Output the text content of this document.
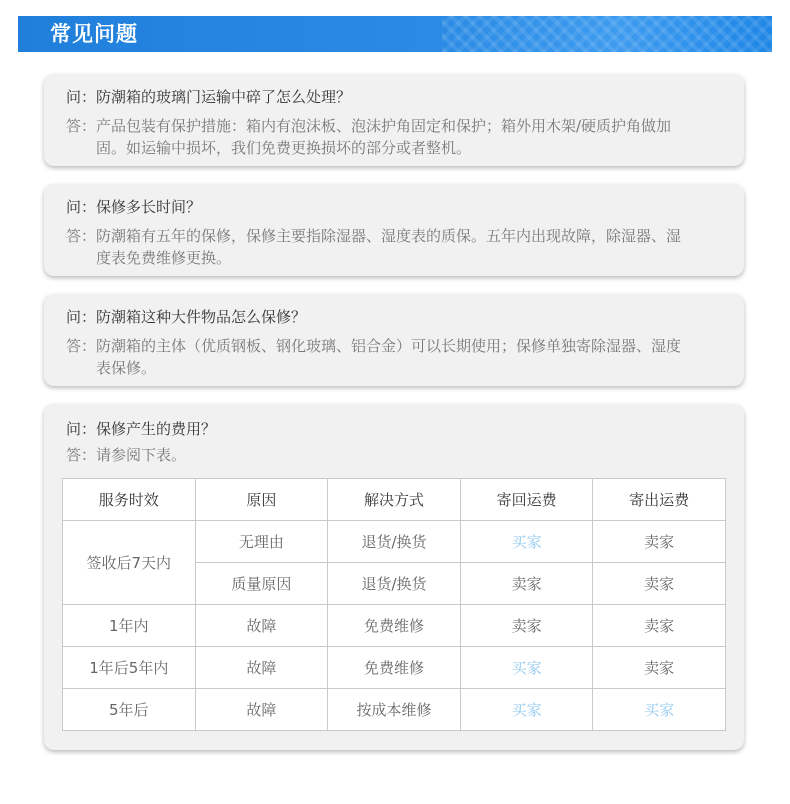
常见问题
问：防潮箱的玻璃门运输中碎了怎么处理？
答：产品包装有保护措施：箱内有泡沫板、泡沫护角固定和保护；箱外用木架/硬质护角做加
固。如运输中损坏，我们免费更换损坏的部分或者整机。
问：保修多长时间？
答：防潮箱有五年的保修，保修主要指除湿器、湿度表的质保。五年内出现故障，除湿器、湿
度表免费维修更换。
问：防潮箱这种大件物品怎么保修？
答：防潮箱的主体（优质钢板、钢化玻璃、铝合金）可以长期使用；保修单独寄除湿器、湿度
表保修。
问：保修产生的费用？
答：请参阅下表。
服务时效	原因	解决方式	寄回运费	寄出运费
签收后7天内	无理由	退货/换货	买家	卖家
	质量原因	退货/换货	卖家	卖家
1年内	故障	免费维修	卖家	卖家
1年后5年内	故障	免费维修	买家	卖家
5年后	故障	按成本维修	买家	买家
